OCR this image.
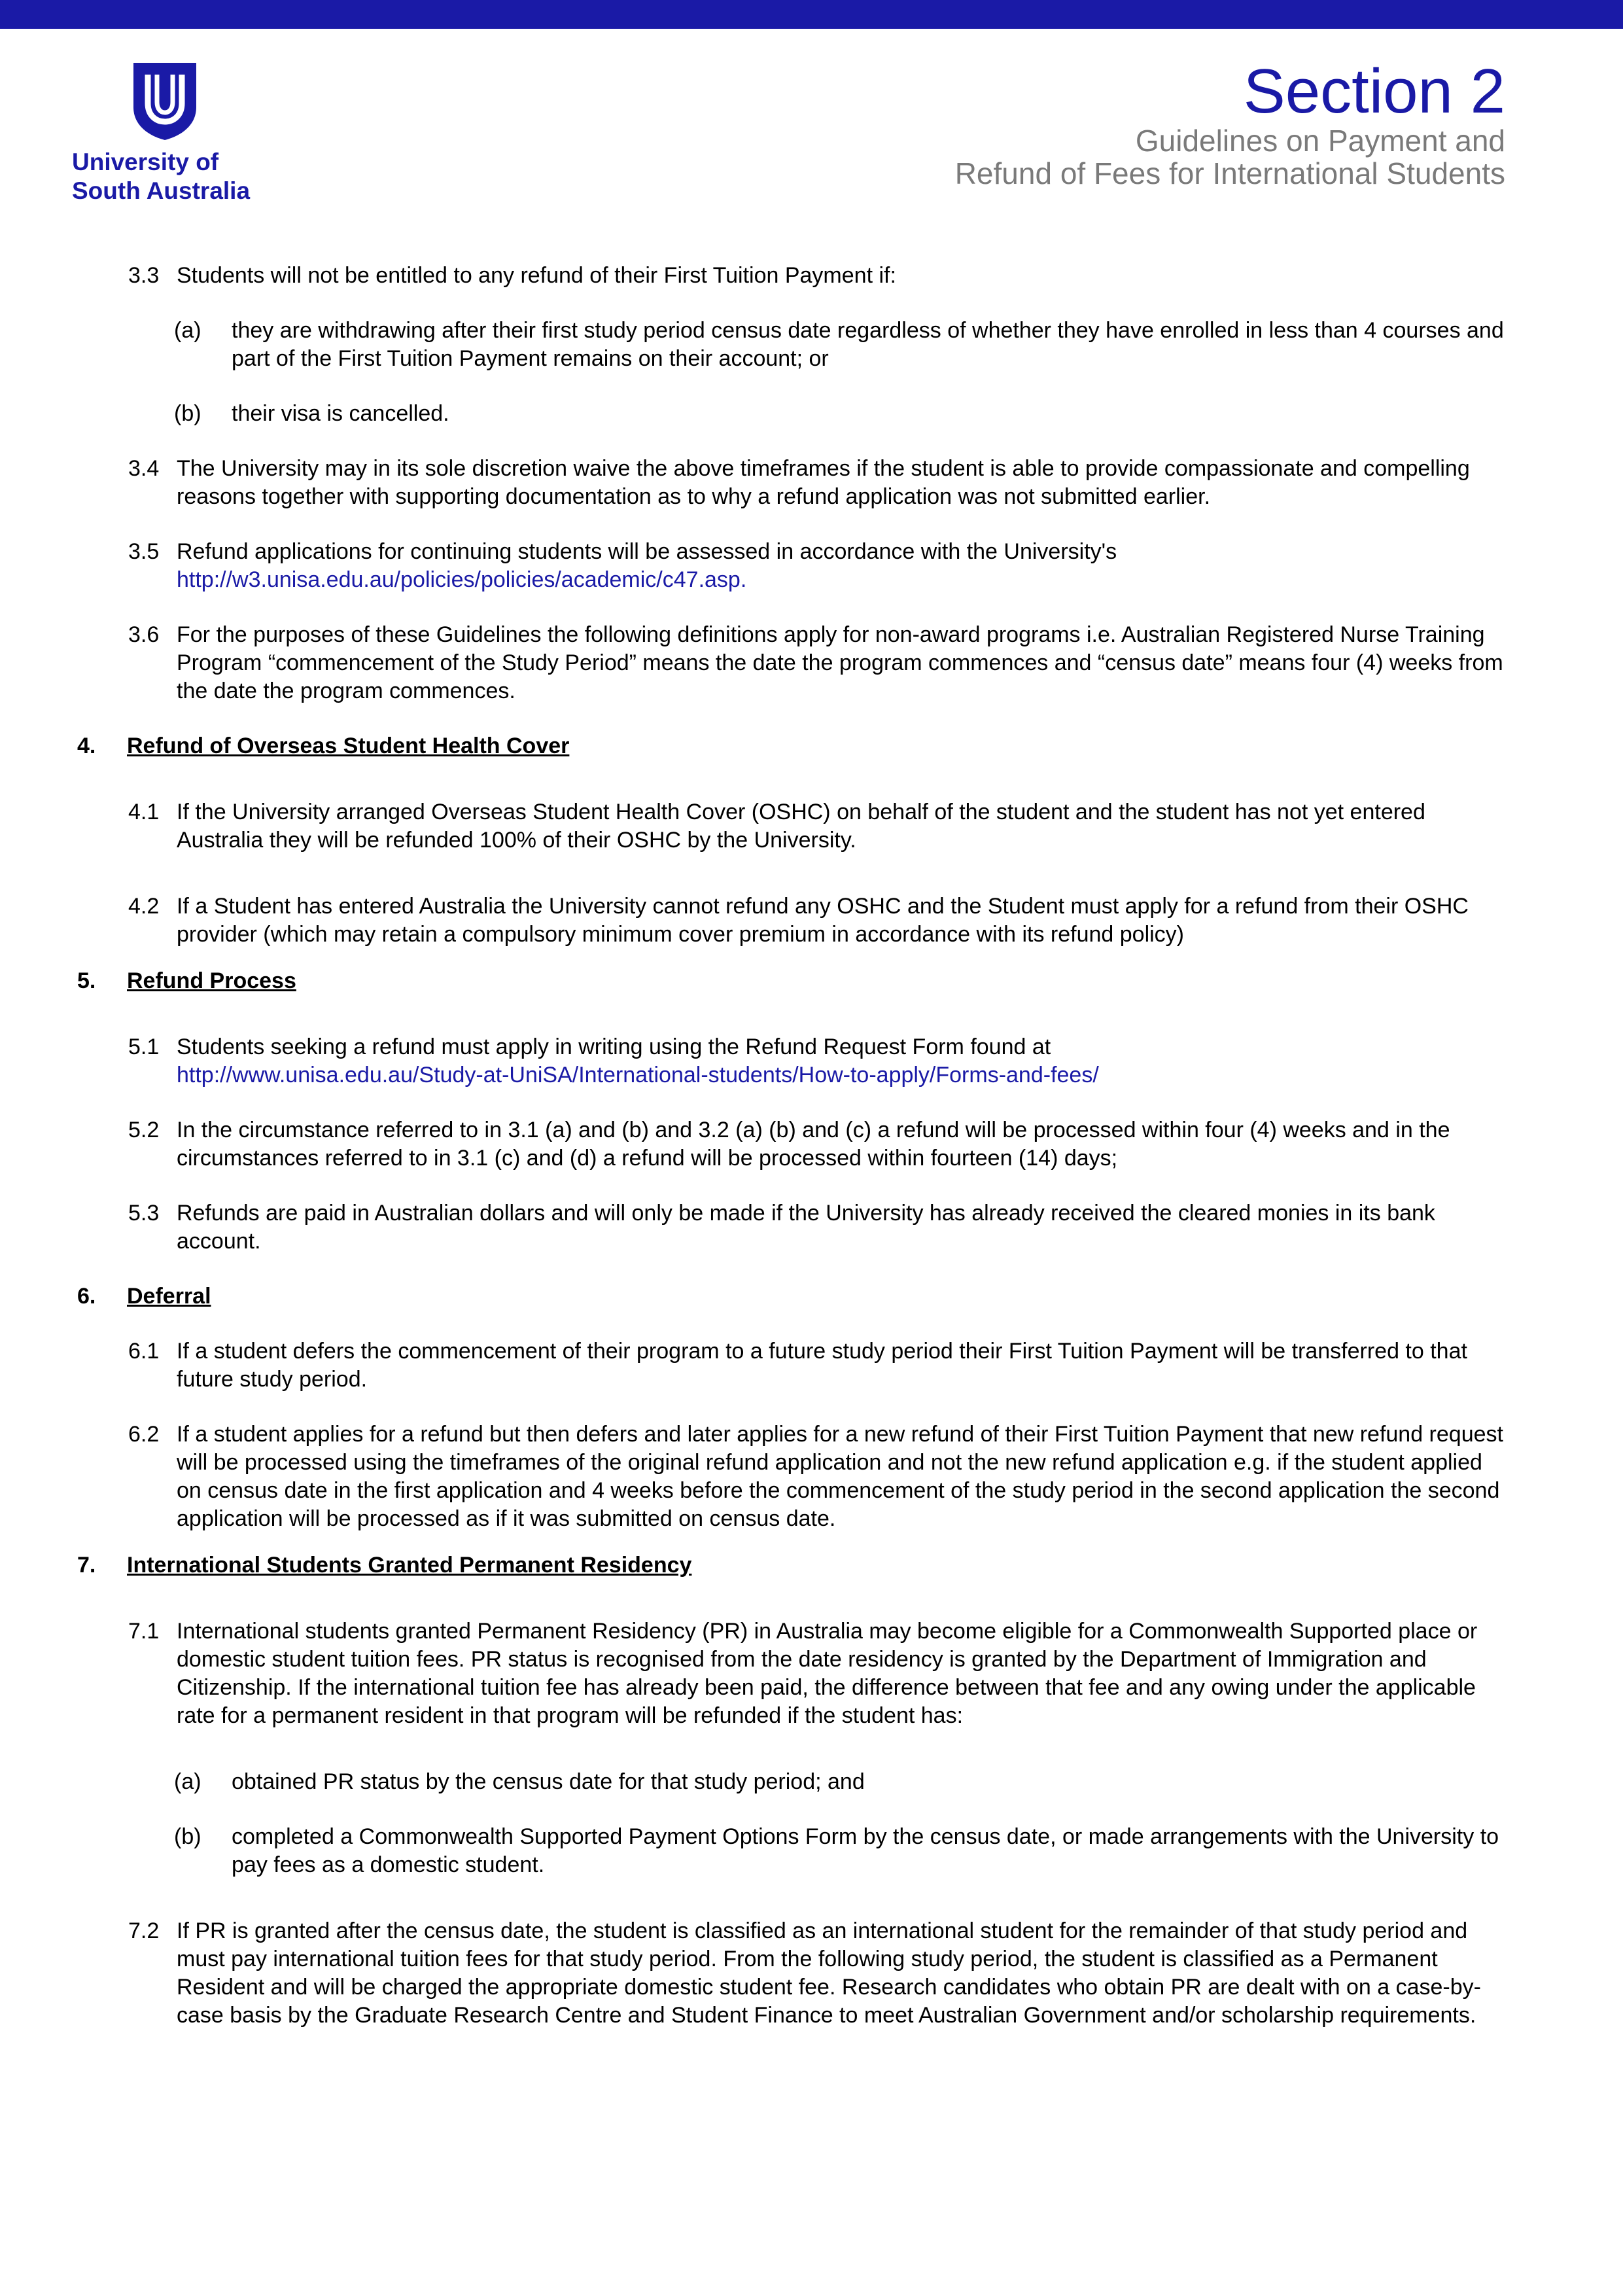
University of
South Australia
Section 2
Guidelines on Payment and
Refund of Fees for International Students
3.3 Students will not be entitled to any refund of their First Tuition Payment if:
(a) they are withdrawing after their first study period census date regardless of whether they have enrolled in less than 4 courses and part of the First Tuition Payment remains on their account; or
(b) their visa is cancelled.
3.4 The University may in its sole discretion waive the above timeframes if the student is able to provide compassionate and compelling reasons together with supporting documentation as to why a refund application was not submitted earlier.
3.5 Refund applications for continuing students will be assessed in accordance with the University's
http://w3.unisa.edu.au/policies/policies/academic/c47.asp.
3.6 For the purposes of these Guidelines the following definitions apply for non-award programs i.e. Australian Registered Nurse Training Program “commencement of the Study Period” means the date the program commences and “census date” means four (4) weeks from the date the program commences.
4. Refund of Overseas Student Health Cover
4.1 If the University arranged Overseas Student Health Cover (OSHC) on behalf of the student and the student has not yet entered Australia they will be refunded 100% of their OSHC by the University.
4.2 If a Student has entered Australia the University cannot refund any OSHC and the Student must apply for a refund from their OSHC provider (which may retain a compulsory minimum cover premium in accordance with its refund policy)
5. Refund Process
5.1 Students seeking a refund must apply in writing using the Refund Request Form found at
http://www.unisa.edu.au/Study-at-UniSA/International-students/How-to-apply/Forms-and-fees/
5.2 In the circumstance referred to in 3.1 (a) and (b) and 3.2 (a) (b) and (c) a refund will be processed within four (4) weeks and in the circumstances referred to in 3.1 (c) and (d) a refund will be processed within fourteen (14) days;
5.3 Refunds are paid in Australian dollars and will only be made if the University has already received the cleared monies in its bank account.
6. Deferral
6.1 If a student defers the commencement of their program to a future study period their First Tuition Payment will be transferred to that future study period.
6.2 If a student applies for a refund but then defers and later applies for a new refund of their First Tuition Payment that new refund request will be processed using the timeframes of the original refund application and not the new refund application e.g. if the student applied on census date in the first application and 4 weeks before the commencement of the study period in the second application the second application will be processed as if it was submitted on census date.
7. International Students Granted Permanent Residency
7.1 International students granted Permanent Residency (PR) in Australia may become eligible for a Commonwealth Supported place or domestic student tuition fees. PR status is recognised from the date residency is granted by the Department of Immigration and Citizenship. If the international tuition fee has already been paid, the difference between that fee and any owing under the applicable rate for a permanent resident in that program will be refunded if the student has:
(a) obtained PR status by the census date for that study period; and
(b) completed a Commonwealth Supported Payment Options Form by the census date, or made arrangements with the University to pay fees as a domestic student.
7.2 If PR is granted after the census date, the student is classified as an international student for the remainder of that study period and must pay international tuition fees for that study period. From the following study period, the student is classified as a Permanent Resident and will be charged the appropriate domestic student fee. Research candidates who obtain PR are dealt with on a case-by-case basis by the Graduate Research Centre and Student Finance to meet Australian Government and/or scholarship requirements.
